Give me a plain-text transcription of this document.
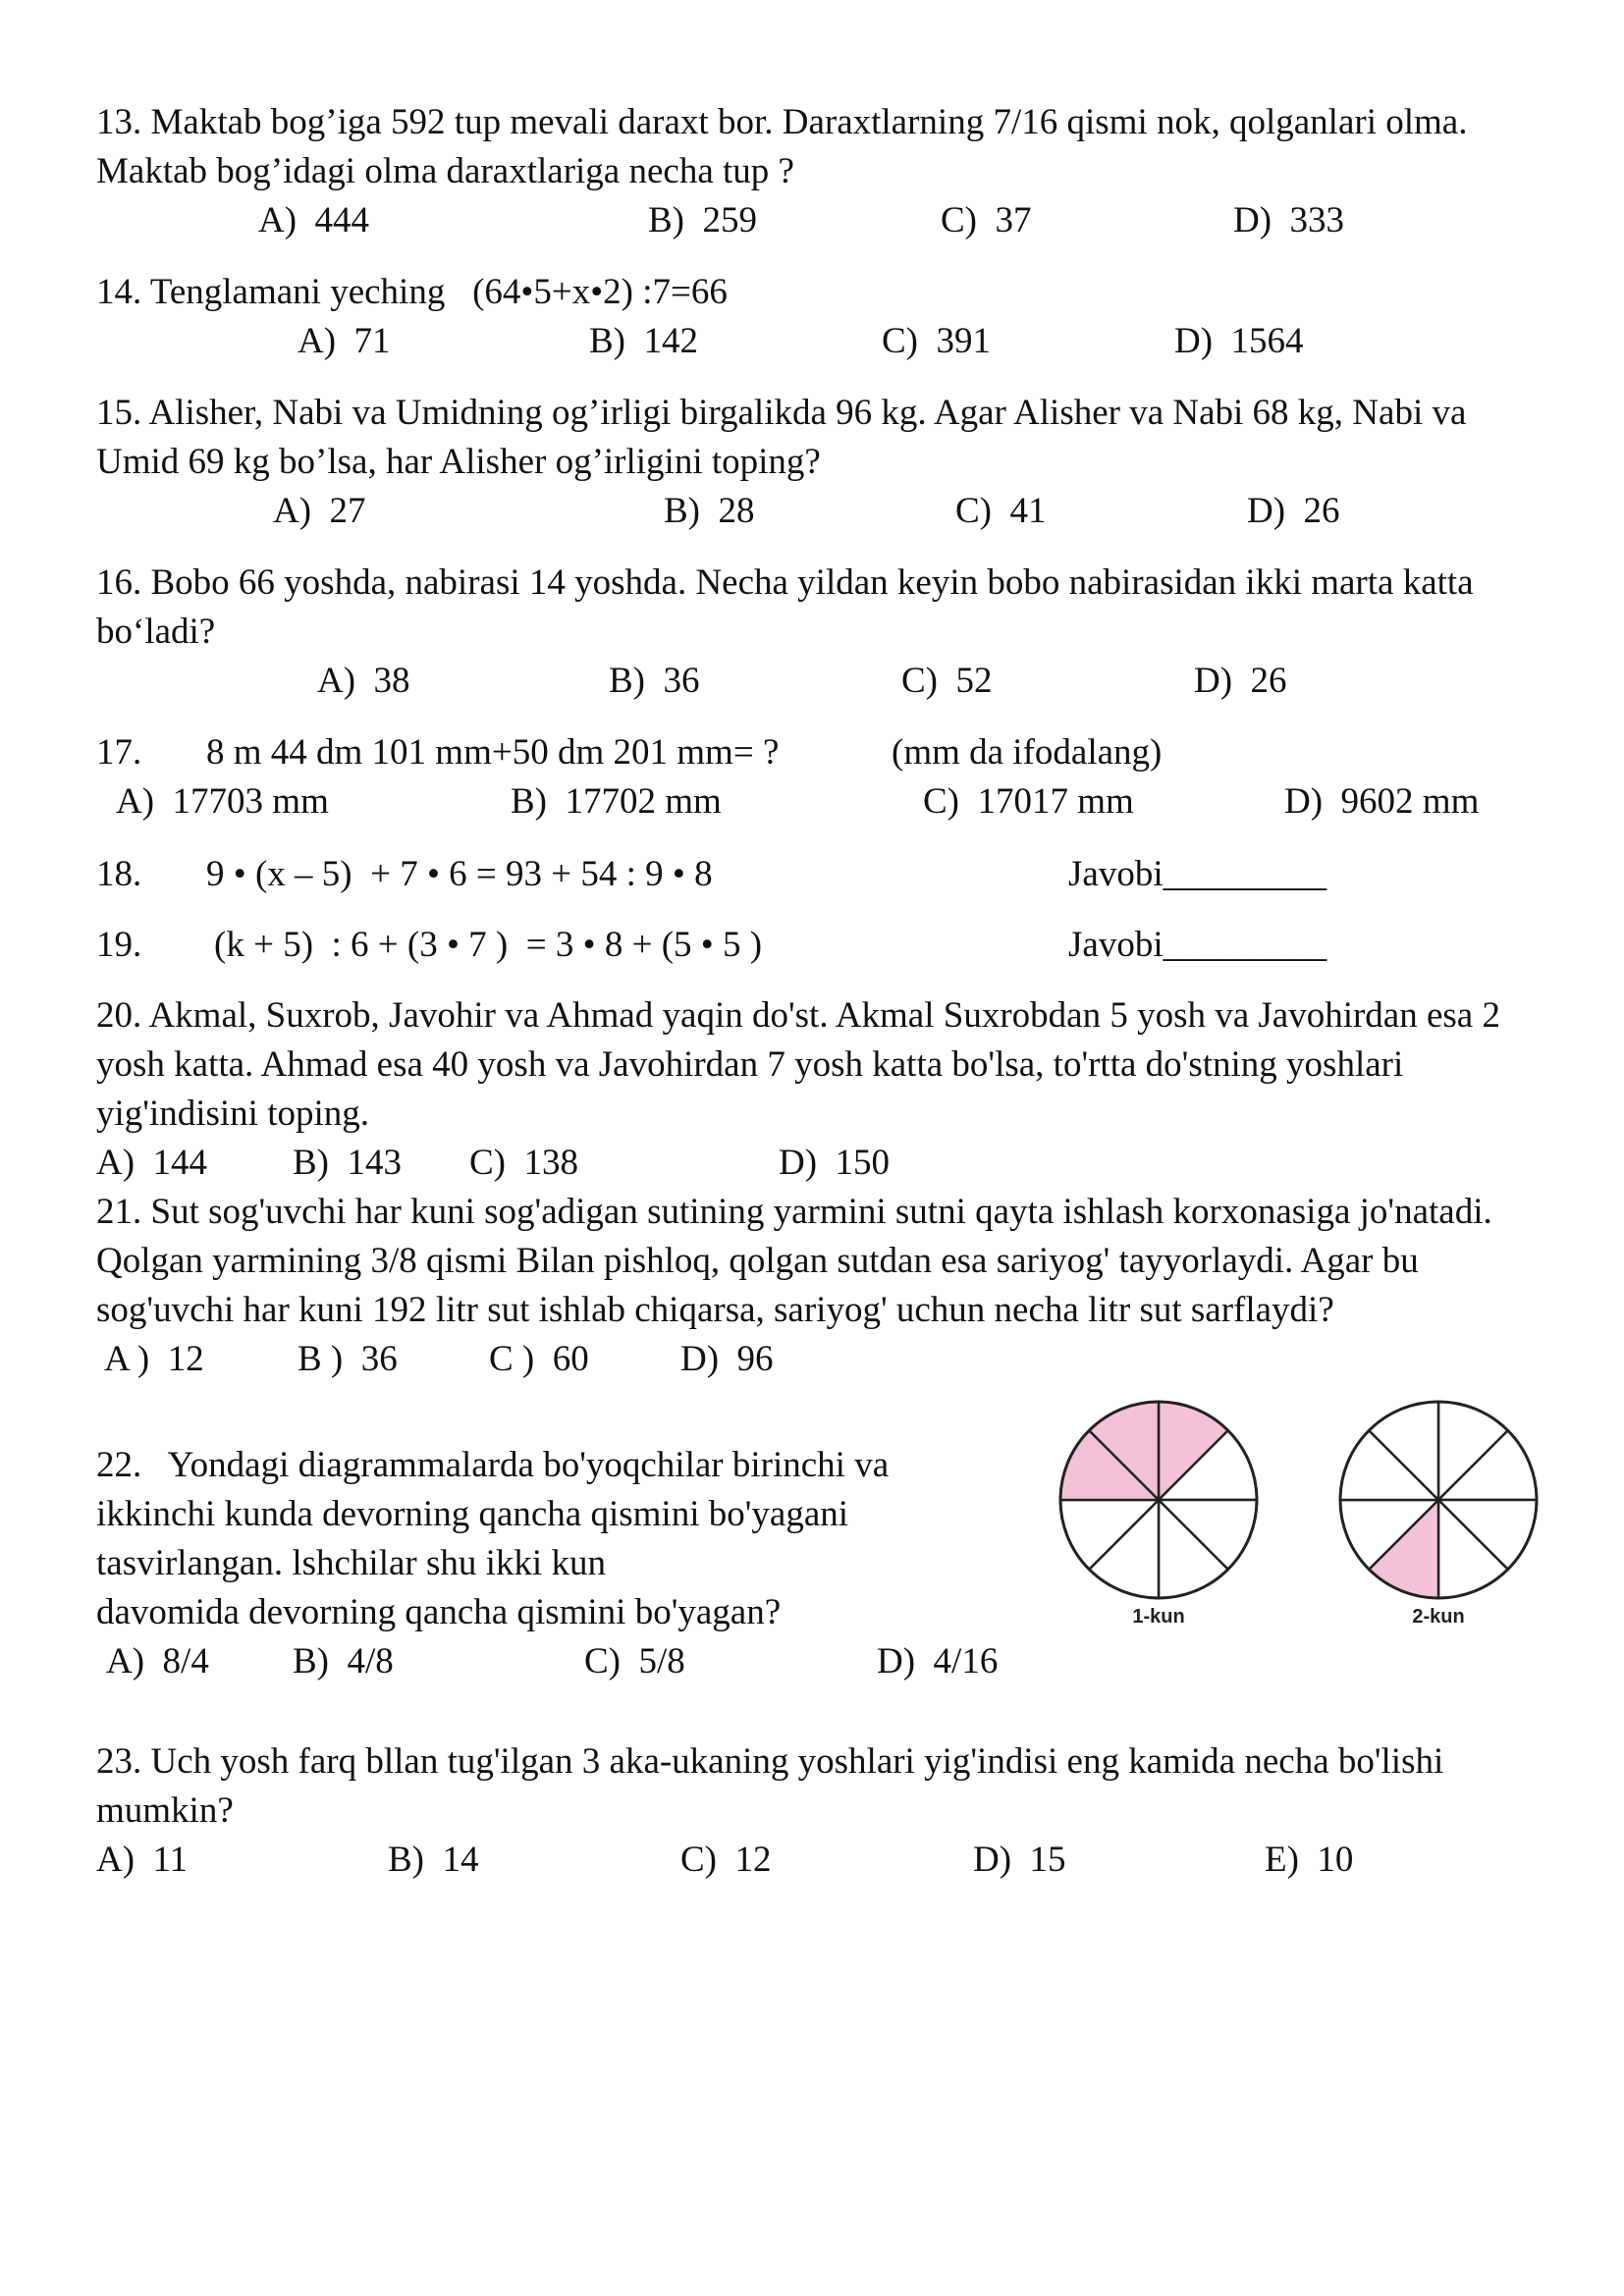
13. Maktab bog’iga 592 tup mevali daraxt bor. Daraxtlarning 7/16 qismi nok, qolganlari olma. Maktab bog’idagi olma daraxtlariga necha tup ?

A)  444	B)  259	C)  37	D)  333

14. Tenglamani yeching   (64•5+x•2) :7=66

A)  71	B)  142	C)  391	D)  1564

15. Alisher, Nabi va Umidning og’irligi birgalikda 96 kg. Agar Alisher va Nabi 68 kg, Nabi va Umid 69 kg bo’lsa, har Alisher og’irligini toping?

A)  27	B)  28	C)  41	D)  26

16. Bobo 66 yoshda, nabirasi 14 yoshda. Necha yildan keyin bobo nabirasidan ikki marta katta bo‘ladi?

A)  38	B)  36	C)  52	D)  26
17. 8 m 44 dm 101 mm+50 dm 201 mm= ?	(mm da ifodalang)
A)  17703 mm	B)  17702 mm	C)  17017 mm	D)  9602 mm
18. 9 • (x – 5)  + 7 • 6 = 93 + 54 : 9 • 8	Javobi_________
19. (k + 5)  : 6 + (3 • 7 )  = 3 • 8 + (5 • 5 )	Javobi_________

20. Akmal, Suxrob, Javohir va Ahmad yaqin do'st. Akmal Suxrobdan 5 yosh va Javohirdan esa 2 yosh katta. Ahmad esa 40 yosh va Javohirdan 7 yosh katta bo'lsa, to'rtta do'stning yoshlari yig'indisini toping.

A)  144 B)  143 C)  138	D)  150

21. Sut sog'uvchi har kuni sog'adigan sutining yarmini sutni qayta ishlash korxonasiga jo'natadi. Qolgan yarmining 3/8 qismi Bilan pishloq, qolgan sutdan esa sariyog' tayyorlaydi. Agar bu sog'uvchi har kuni 192 litr sut ishlab chiqarsa, sariyog' uchun necha litr sut sarflaydi?

A )  12	B )  36	C )  60	D)  96

22.   Yondagi diagrammalarda bo'yoqchilar birinchi va

ikkinchi kunda devorning qancha qismini bo'yagani

tasvirlangan. lshchilar shu ikki kun

davomida devorning qancha qismini bo'yagan?

A)  8/4 B)  4/8	C)  5/8	D)  4/16
1-kun	2-kun

23. Uch yosh farq bllan tug'ilgan 3 aka-ukaning yoshlari yig'indisi eng kamida necha bo'lishi mumkin?

A)  11	B)  14	C)  12	D)  15	E)  10
